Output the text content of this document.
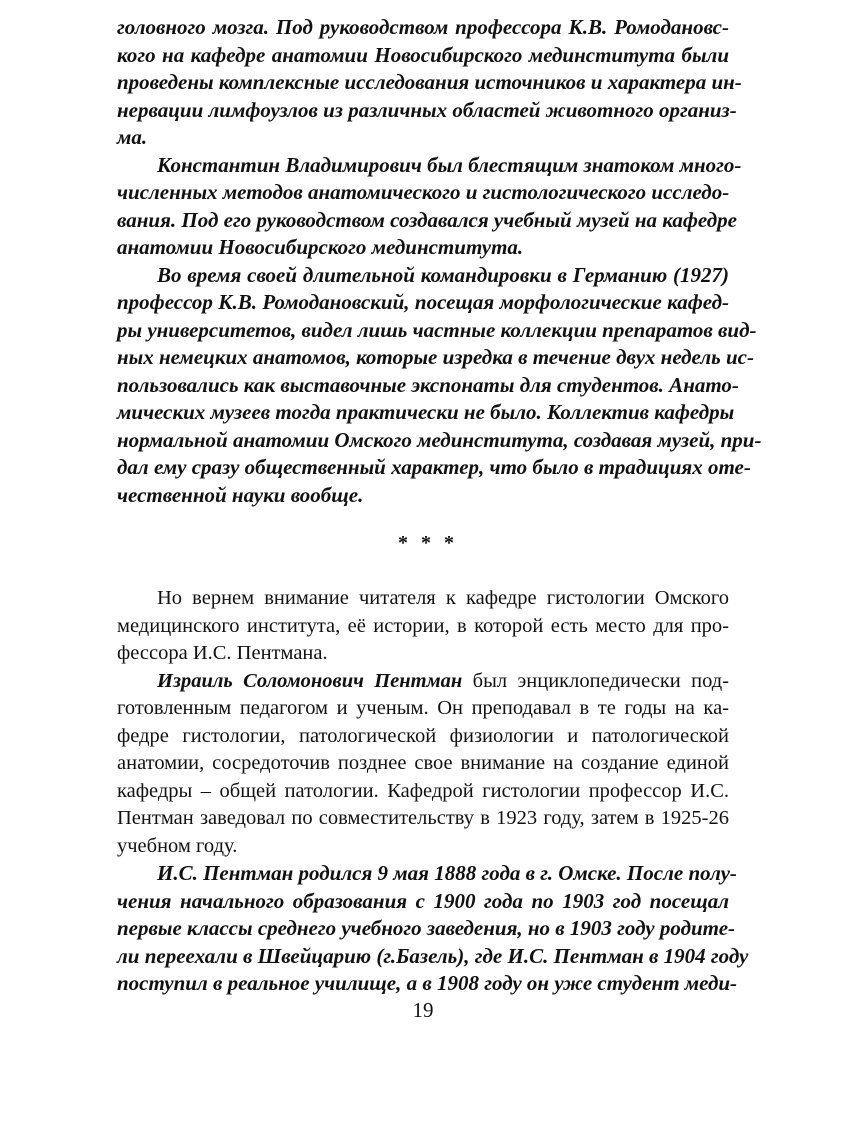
головного мозга. Под руководством профессора К.В. Ромодановс-
кого на кафедре анатомии Новосибирского мединститута были
проведены комплексные исследования источников и характера ин-
нервации лимфоузлов из различных областей животного организ-
ма.
Константин Владимирович был блестящим знатоком много-
численных методов анатомического и гистологического исследо-
вания. Под его руководством создавался учебный музей на кафедре
анатомии Новосибирского мединститута.
Во время своей длительной командировки в Германию (1927)
профессор К.В. Ромодановский, посещая морфологические кафед-
ры университетов, видел лишь частные коллекции препаратов вид-
ных немецких анатомов, которые изредка в течение двух недель ис-
пользовались как выставочные экспонаты для студентов. Анато-
мических музеев тогда практически не было. Коллектив кафедры
нормальной анатомии Омского мединститута, создавая музей, при-
дал ему сразу общественный характер, что было в традициях оте-
чественной науки вообще.
* * *
Но вернем внимание читателя к кафедре гистологии Омского
медицинского института, её истории, в которой есть место для про-
фессора И.С. Пентмана.
Израиль Соломонович Пентман был энциклопедически под-
готовленным педагогом и ученым. Он преподавал в те годы на ка-
федре гистологии, патологической физиологии и патологической
анатомии, сосредоточив позднее свое внимание на создание единой
кафедры – общей патологии. Кафедрой гистологии профессор И.С.
Пентман заведовал по совместительству в 1923 году, затем в 1925-26
учебном году.
И.С. Пентман родился 9 мая 1888 года в г. Омске. После полу-
чения начального образования с 1900 года по 1903 год посещал
первые классы среднего учебного заведения, но в 1903 году родите-
ли переехали в Швейцарию (г.Базель), где И.С. Пентман в 1904 году
поступил в реальное училище, а в 1908 году он уже студент меди-
19
